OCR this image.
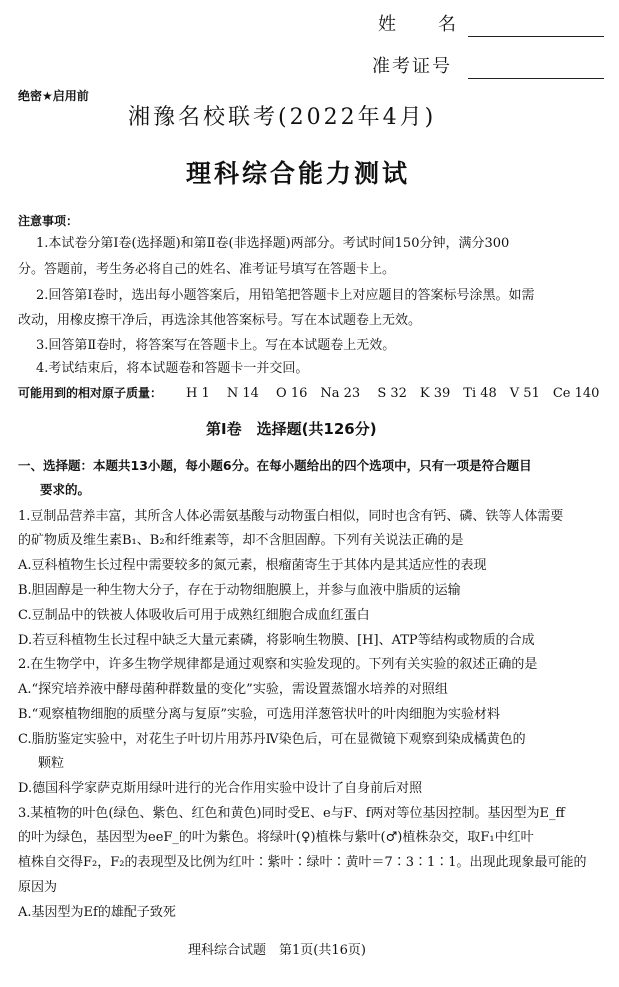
姓　　名
准考证号
绝密★启用前
湘豫名校联考(2022年4月)
理科综合能力测试
注意事项：
1.本试卷分第Ⅰ卷(选择题)和第Ⅱ卷(非选择题)两部分。考试时间150分钟，满分300
分。答题前，考生务必将自己的姓名、准考证号填写在答题卡上。
2.回答第Ⅰ卷时，选出每小题答案后，用铅笔把答题卡上对应题目的答案标号涂黑。如需
改动，用橡皮擦干净后，再选涂其他答案标号。写在本试题卷上无效。
3.回答第Ⅱ卷时，将答案写在答题卡上。写在本试题卷上无效。
4.考试结束后，将本试题卷和答题卡一并交回。
可能用到的相对原子质量： H 1　 N 14　 O 16　Na 23　 S 32　K 39　Ti 48　V 51　Ce 140
第Ⅰ卷　选择题(共126分)
一、选择题：本题共13小题，每小题6分。在每小题给出的四个选项中，只有一项是符合题目
要求的。
1.豆制品营养丰富，其所含人体必需氨基酸与动物蛋白相似，同时也含有钙、磷、铁等人体需要
的矿物质及维生素B₁、B₂和纤维素等，却不含胆固醇。下列有关说法正确的是
A.豆科植物生长过程中需要较多的氮元素，根瘤菌寄生于其体内是其适应性的表现
B.胆固醇是一种生物大分子，存在于动物细胞膜上，并参与血液中脂质的运输
C.豆制品中的铁被人体吸收后可用于成熟红细胞合成血红蛋白
D.若豆科植物生长过程中缺乏大量元素磷，将影响生物膜、[H]、ATP等结构或物质的合成
2.在生物学中，许多生物学规律都是通过观察和实验发现的。下列有关实验的叙述正确的是
A.“探究培养液中酵母菌种群数量的变化”实验，需设置蒸馏水培养的对照组
B.“观察植物细胞的质壁分离与复原”实验，可选用洋葱管状叶的叶肉细胞为实验材料
C.脂肪鉴定实验中，对花生子叶切片用苏丹Ⅳ染色后，可在显微镜下观察到染成橘黄色的
颗粒
D.德国科学家萨克斯用绿叶进行的光合作用实验中设计了自身前后对照
3.某植物的叶色(绿色、紫色、红色和黄色)同时受E、e与F、f两对等位基因控制。基因型为E_ff
的叶为绿色，基因型为eeF_的叶为紫色。将绿叶(♀)植株与紫叶(♂)植株杂交，取F₁中红叶
植株自交得F₂，F₂的表现型及比例为红叶∶紫叶∶绿叶∶黄叶＝7∶3∶1∶1。出现此现象最可能的
原因为
A.基因型为Ef的雄配子致死
理科综合试题　第1页(共16页)
